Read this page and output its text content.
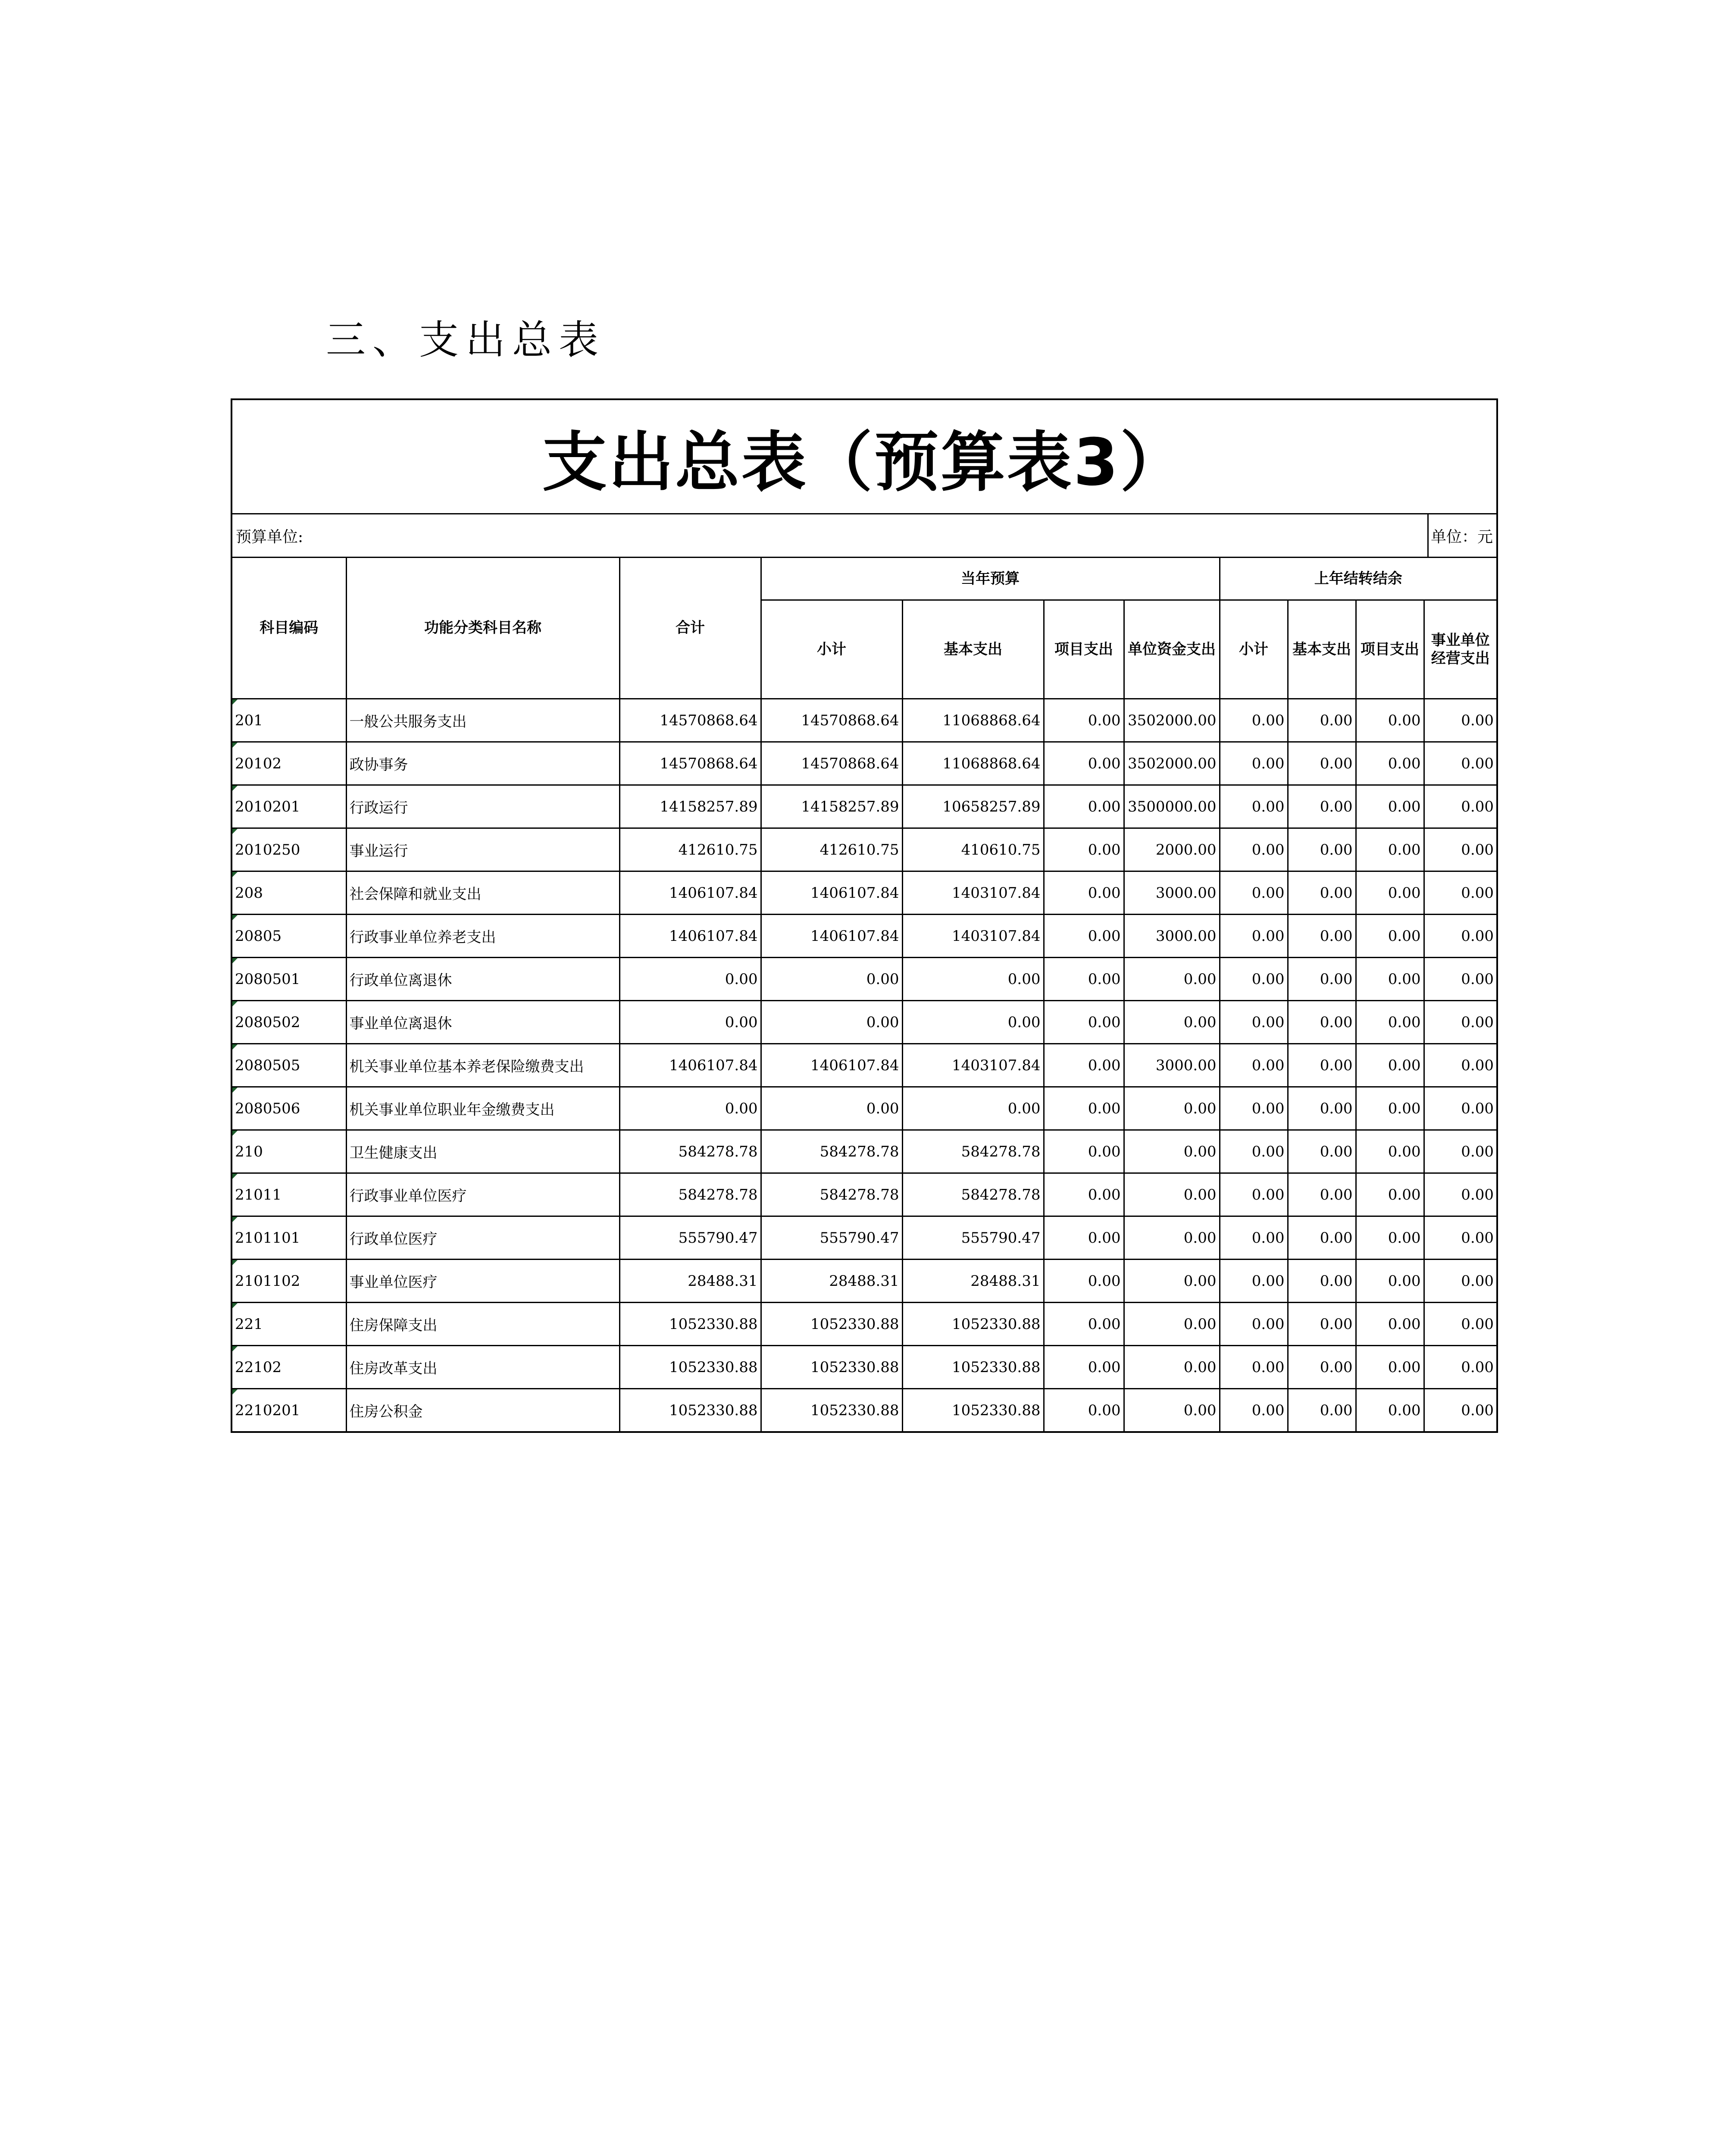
三、支出总表
支出总表（预算表3）
预算单位:	单位：元
科目编码	功能分类科目名称	合计	当年预算				上年结转结余			
			小计	基本支出	项目支出	单位资金支出	小计	基本支出	项目支出	事业单位经营支出
201	一般公共服务支出	14570868.64	14570868.64	11068868.64	0.00	3502000.00	0.00	0.00	0.00	0.00
20102	政协事务	14570868.64	14570868.64	11068868.64	0.00	3502000.00	0.00	0.00	0.00	0.00
2010201	行政运行	14158257.89	14158257.89	10658257.89	0.00	3500000.00	0.00	0.00	0.00	0.00
2010250	事业运行	412610.75	412610.75	410610.75	0.00	2000.00	0.00	0.00	0.00	0.00
208	社会保障和就业支出	1406107.84	1406107.84	1403107.84	0.00	3000.00	0.00	0.00	0.00	0.00
20805	行政事业单位养老支出	1406107.84	1406107.84	1403107.84	0.00	3000.00	0.00	0.00	0.00	0.00
2080501	行政单位离退休	0.00	0.00	0.00	0.00	0.00	0.00	0.00	0.00	0.00
2080502	事业单位离退休	0.00	0.00	0.00	0.00	0.00	0.00	0.00	0.00	0.00
2080505	机关事业单位基本养老保险缴费支出	1406107.84	1406107.84	1403107.84	0.00	3000.00	0.00	0.00	0.00	0.00
2080506	机关事业单位职业年金缴费支出	0.00	0.00	0.00	0.00	0.00	0.00	0.00	0.00	0.00
210	卫生健康支出	584278.78	584278.78	584278.78	0.00	0.00	0.00	0.00	0.00	0.00
21011	行政事业单位医疗	584278.78	584278.78	584278.78	0.00	0.00	0.00	0.00	0.00	0.00
2101101	行政单位医疗	555790.47	555790.47	555790.47	0.00	0.00	0.00	0.00	0.00	0.00
2101102	事业单位医疗	28488.31	28488.31	28488.31	0.00	0.00	0.00	0.00	0.00	0.00
221	住房保障支出	1052330.88	1052330.88	1052330.88	0.00	0.00	0.00	0.00	0.00	0.00
22102	住房改革支出	1052330.88	1052330.88	1052330.88	0.00	0.00	0.00	0.00	0.00	0.00
2210201	住房公积金	1052330.88	1052330.88	1052330.88	0.00	0.00	0.00	0.00	0.00	0.00
